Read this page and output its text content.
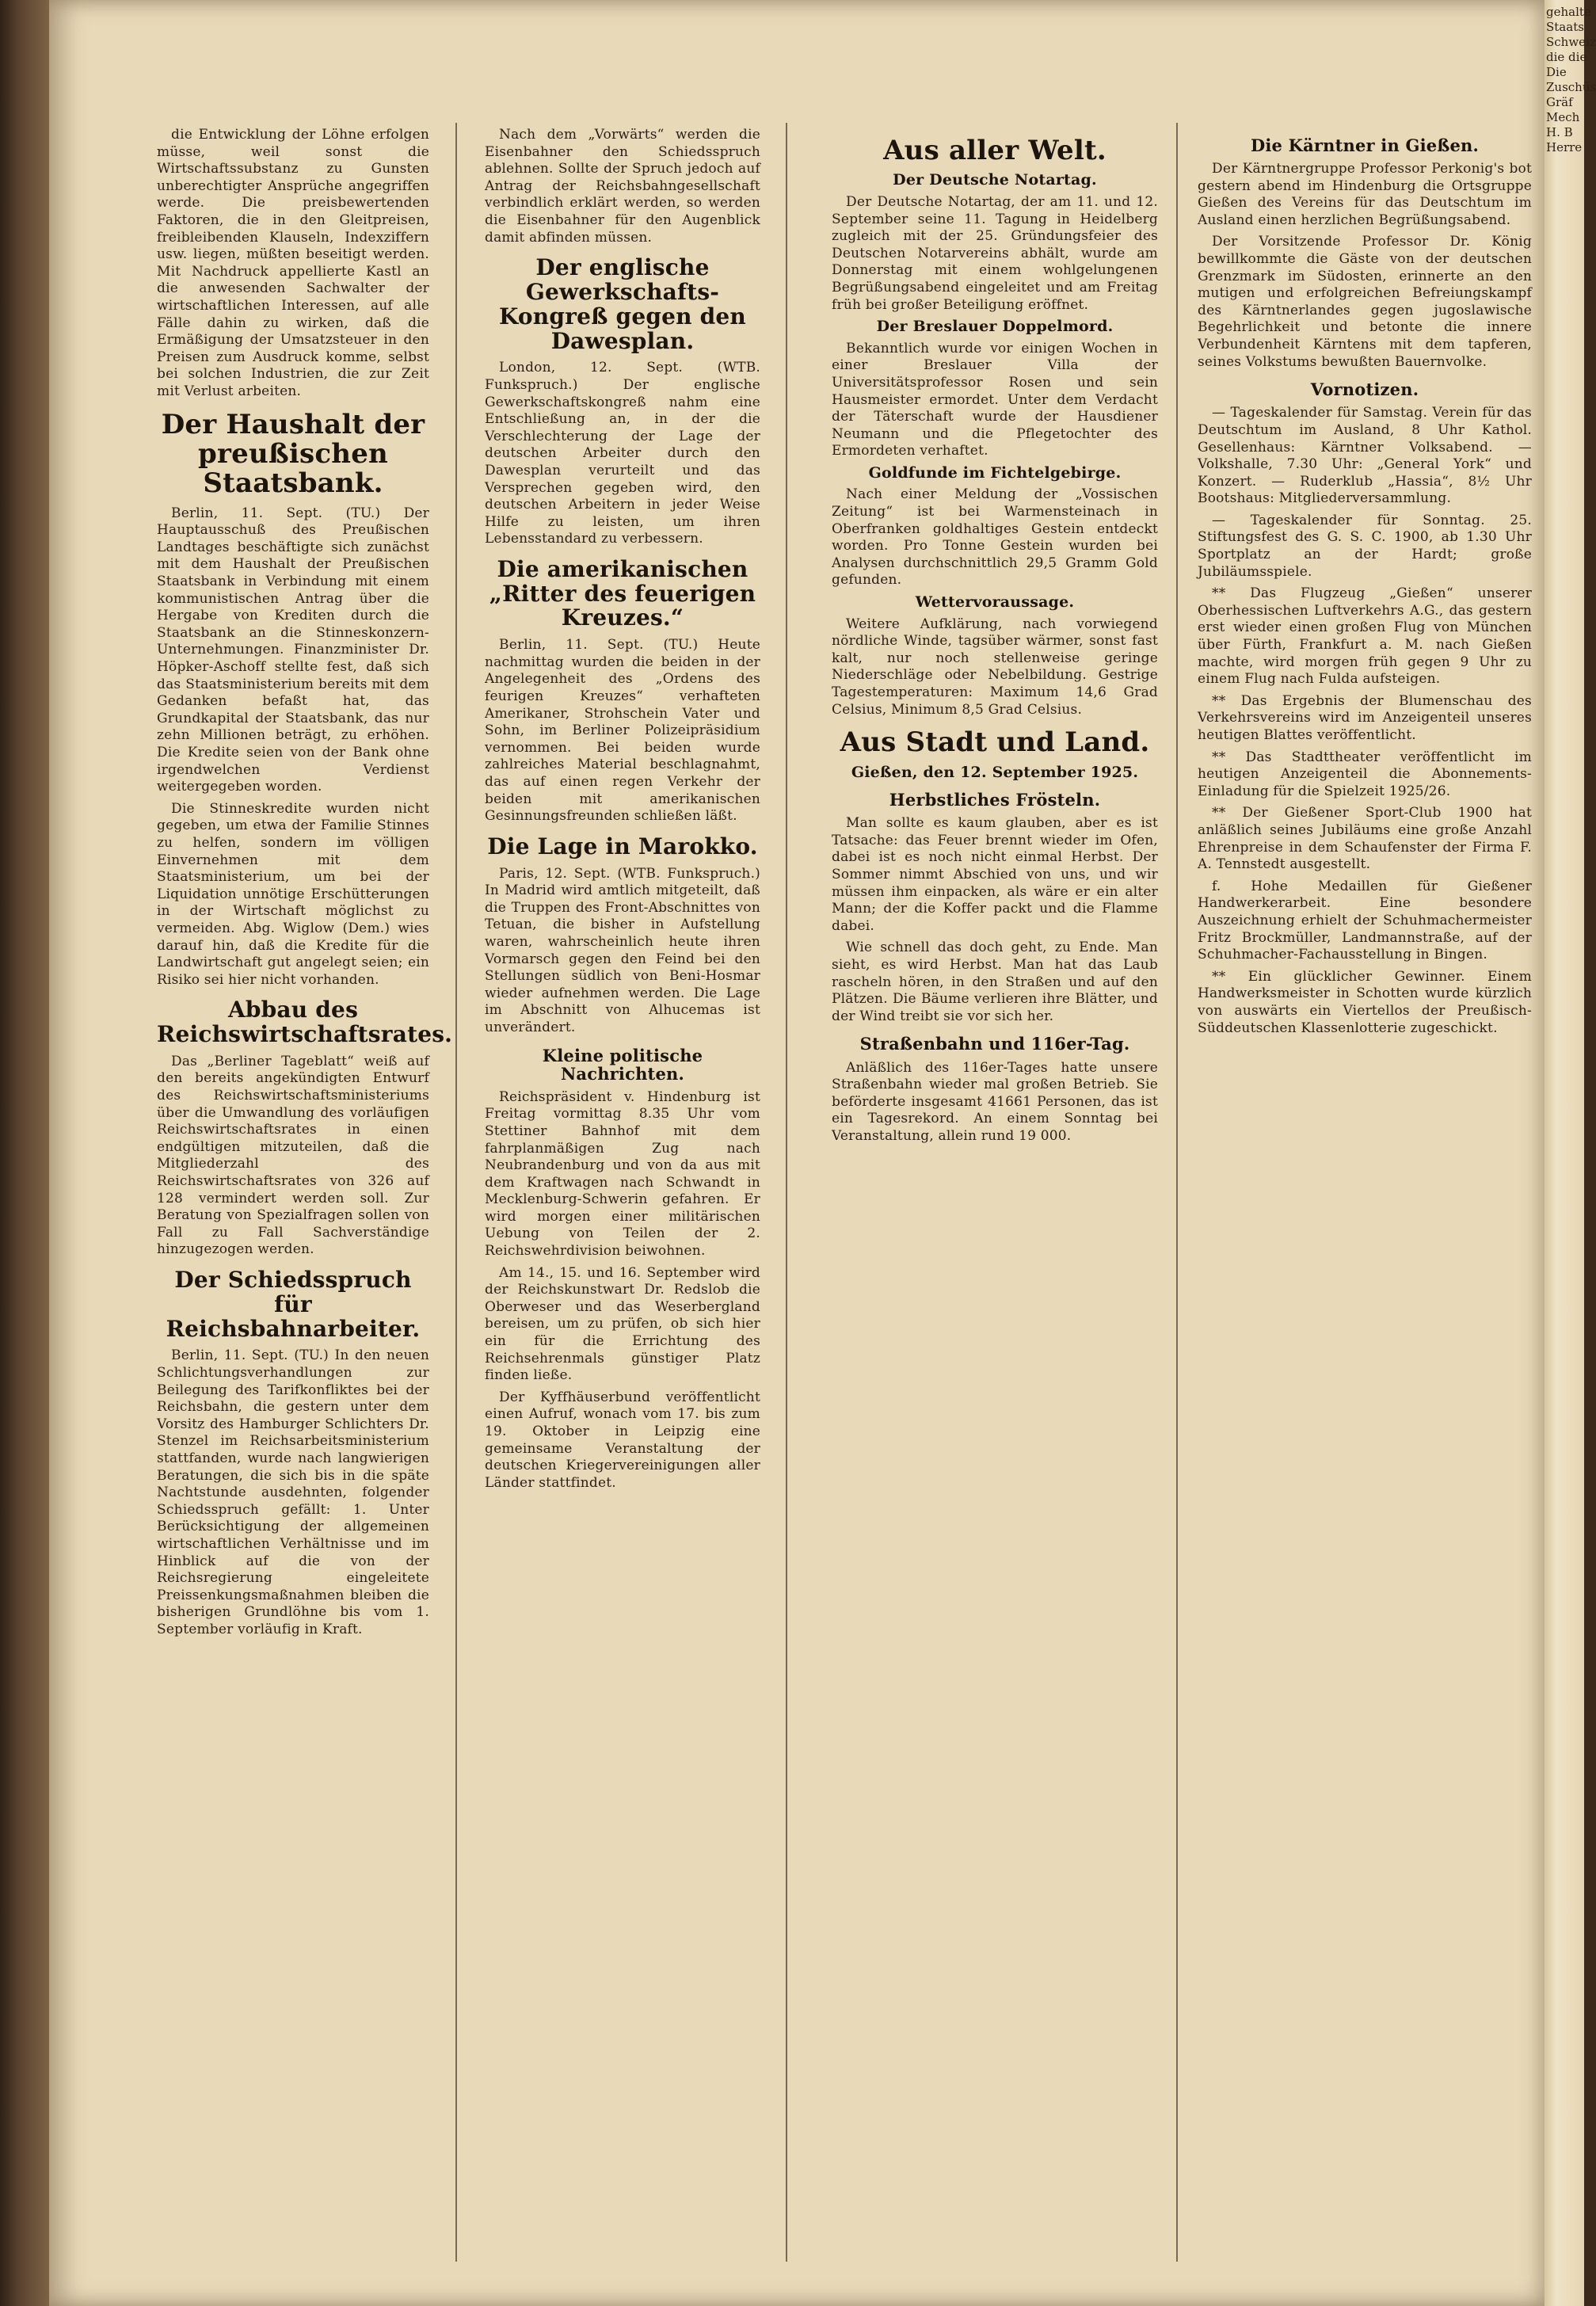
die Entwicklung der Löhne erfolgen müsse, weil sonst die Wirtschaftssubstanz zu Gunsten unberechtigter Ansprüche angegriffen werde. Die preisbewertenden Faktoren, die in den Gleitpreisen, freibleibenden Klauseln, Indexziffern usw. liegen, müßten beseitigt werden. Mit Nachdruck appellierte Kastl an die anwesenden Sachwalter der wirtschaftlichen Interessen, auf alle Fälle dahin zu wirken, daß die Ermäßigung der Umsatzsteuer in den Preisen zum Ausdruck komme, selbst bei solchen Industrien, die zur Zeit mit Verlust arbeiten.

Der Haushalt der preußischen Staatsbank.

Berlin, 11. Sept. (TU.) Der Hauptausschuß des Preußischen Landtages beschäftigte sich zunächst mit dem Haushalt der Preußischen Staatsbank in Verbindung mit einem kommunistischen Antrag über die Hergabe von Krediten durch die Staatsbank an die Stinneskonzern-Unternehmungen. Finanzminister Dr. Höpker-Aschoff stellte fest, daß sich das Staatsministerium bereits mit dem Gedanken befaßt hat, das Grundkapital der Staatsbank, das nur zehn Millionen beträgt, zu erhöhen. Die Kredite seien von der Bank ohne irgendwelchen Verdienst weitergegeben worden.

Die Stinneskredite wurden nicht gegeben, um etwa der Familie Stinnes zu helfen, sondern im völligen Einvernehmen mit dem Staatsministerium, um bei der Liquidation unnötige Erschütterungen in der Wirtschaft möglichst zu vermeiden. Abg. Wiglow (Dem.) wies darauf hin, daß die Kredite für die Landwirtschaft gut angelegt seien; ein Risiko sei hier nicht vorhanden.

Abbau des Reichswirtschaftsrates.

Das „Berliner Tageblatt“ weiß auf den bereits angekündigten Entwurf des Reichswirtschaftsministeriums über die Umwandlung des vorläufigen Reichswirtschaftsrates in einen endgültigen mitzuteilen, daß die Mitgliederzahl des Reichswirtschaftsrates von 326 auf 128 vermindert werden soll. Zur Beratung von Spezialfragen sollen von Fall zu Fall Sachverständige hinzugezogen werden.

Der Schiedsspruch für Reichsbahnarbeiter.

Berlin, 11. Sept. (TU.) In den neuen Schlichtungsverhandlungen zur Beilegung des Tarifkonfliktes bei der Reichsbahn, die gestern unter dem Vorsitz des Hamburger Schlichters Dr. Stenzel im Reichsarbeitsministerium stattfanden, wurde nach langwierigen Beratungen, die sich bis in die späte Nachtstunde ausdehnten, folgender Schiedsspruch gefällt: 1. Unter Berücksichtigung der allgemeinen wirtschaftlichen Verhältnisse und im Hinblick auf die von der Reichsregierung eingeleitete Preissenkungsmaßnahmen bleiben die bisherigen Grundlöhne bis vom 1. September vorläufig in Kraft.

Nach dem „Vorwärts“ werden die Eisenbahner den Schiedsspruch ablehnen. Sollte der Spruch jedoch auf Antrag der Reichsbahngesellschaft verbindlich erklärt werden, so werden die Eisenbahner für den Augenblick damit abfinden müssen.

Der englische Gewerkschafts-Kongreß gegen den Dawesplan.

London, 12. Sept. (WTB. Funkspruch.) Der englische Gewerkschaftskongreß nahm eine Entschließung an, in der die Verschlechterung der Lage der deutschen Arbeiter durch den Dawesplan verurteilt und das Versprechen gegeben wird, den deutschen Arbeitern in jeder Weise Hilfe zu leisten, um ihren Lebensstandard zu verbessern.

Die amerikanischen „Ritter des feuerigen Kreuzes.“

Berlin, 11. Sept. (TU.) Heute nachmittag wurden die beiden in der Angelegenheit des „Ordens des feurigen Kreuzes“ verhafteten Amerikaner, Strohschein Vater und Sohn, im Berliner Polizeipräsidium vernommen. Bei beiden wurde zahlreiches Material beschlagnahmt, das auf einen regen Verkehr der beiden mit amerikanischen Gesinnungsfreunden schließen läßt.

Die Lage in Marokko.

Paris, 12. Sept. (WTB. Funkspruch.) In Madrid wird amtlich mitgeteilt, daß die Truppen des Front-Abschnittes von Tetuan, die bisher in Aufstellung waren, wahrscheinlich heute ihren Vormarsch gegen den Feind bei den Stellungen südlich von Beni-Hosmar wieder aufnehmen werden. Die Lage im Abschnitt von Alhucemas ist unverändert.

Kleine politische Nachrichten.

Reichspräsident v. Hindenburg ist Freitag vormittag 8.35 Uhr vom Stettiner Bahnhof mit dem fahrplanmäßigen Zug nach Neubrandenburg und von da aus mit dem Kraftwagen nach Schwandt in Mecklenburg-Schwerin gefahren. Er wird morgen einer militärischen Uebung von Teilen der 2. Reichswehrdivision beiwohnen.

Am 14., 15. und 16. September wird der Reichskunstwart Dr. Redslob die Oberweser und das Weserbergland bereisen, um zu prüfen, ob sich hier ein für die Errichtung des Reichsehrenmals günstiger Platz finden ließe.

Der Kyffhäuserbund veröffentlicht einen Aufruf, wonach vom 17. bis zum 19. Oktober in Leipzig eine gemeinsame Veranstaltung der deutschen Kriegervereinigungen aller Länder stattfindet.

Aus aller Welt.
Der Deutsche Notartag.

Der Deutsche Notartag, der am 11. und 12. September seine 11. Tagung in Heidelberg zugleich mit der 25. Gründungsfeier des Deutschen Notarvereins abhält, wurde am Donnerstag mit einem wohlgelungenen Begrüßungsabend eingeleitet und am Freitag früh bei großer Beteiligung eröffnet.

Der Breslauer Doppelmord.

Bekanntlich wurde vor einigen Wochen in einer Breslauer Villa der Universitätsprofessor Rosen und sein Hausmeister ermordet. Unter dem Verdacht der Täterschaft wurde der Hausdiener Neumann und die Pflegetochter des Ermordeten verhaftet.

Goldfunde im Fichtelgebirge.

Nach einer Meldung der „Vossischen Zeitung“ ist bei Warmensteinach in Oberfranken goldhaltiges Gestein entdeckt worden. Pro Tonne Gestein wurden bei Analysen durchschnittlich 29,5 Gramm Gold gefunden.

Wettervoraussage.

Weitere Aufklärung, nach vorwiegend nördliche Winde, tagsüber wärmer, sonst fast kalt, nur noch stellenweise geringe Niederschläge oder Nebelbildung. Gestrige Tagestemperaturen: Maximum 14,6 Grad Celsius, Minimum 8,5 Grad Celsius.

Aus Stadt und Land.
Gießen, den 12. September 1925.
Herbstliches Frösteln.

Man sollte es kaum glauben, aber es ist Tatsache: das Feuer brennt wieder im Ofen, dabei ist es noch nicht einmal Herbst. Der Sommer nimmt Abschied von uns, und wir müssen ihm einpacken, als wäre er ein alter Mann; der die Koffer packt und die Flamme dabei.

Wie schnell das doch geht, zu Ende. Man sieht, es wird Herbst. Man hat das Laub rascheln hören, in den Straßen und auf den Plätzen. Die Bäume verlieren ihre Blätter, und der Wind treibt sie vor sich her.

Straßenbahn und 116er-Tag.

Anläßlich des 116er-Tages hatte unsere Straßenbahn wieder mal großen Betrieb. Sie beförderte insgesamt 41661 Personen, das ist ein Tagesrekord. An einem Sonntag bei Veranstaltung, allein rund 19 000.

Die Kärntner in Gießen.

Der Kärntnergruppe Professor Perkonig's bot gestern abend im Hindenburg die Ortsgruppe Gießen des Vereins für das Deutschtum im Ausland einen herzlichen Begrüßungsabend.

Der Vorsitzende Professor Dr. König bewillkommte die Gäste von der deutschen Grenzmark im Südosten, erinnerte an den mutigen und erfolgreichen Befreiungskampf des Kärntnerlandes gegen jugoslawische Begehrlichkeit und betonte die innere Verbundenheit Kärntens mit dem tapferen, seines Volkstums bewußten Bauernvolke.

Vornotizen.

— Tageskalender für Samstag. Verein für das Deutschtum im Ausland, 8 Uhr Kathol. Gesellenhaus: Kärntner Volksabend. — Volkshalle, 7.30 Uhr: „General York“ und Konzert. — Ruderklub „Hassia“, 8½ Uhr Bootshaus: Mitgliederversammlung.

— Tageskalender für Sonntag. 25. Stiftungsfest des G. S. C. 1900, ab 1.30 Uhr Sportplatz an der Hardt; große Jubiläumsspiele.

** Das Flugzeug „Gießen“ unserer Oberhessischen Luftverkehrs A.G., das gestern erst wieder einen großen Flug von München über Fürth, Frankfurt a. M. nach Gießen machte, wird morgen früh gegen 9 Uhr zu einem Flug nach Fulda aufsteigen.

** Das Ergebnis der Blumenschau des Verkehrsvereins wird im Anzeigenteil unseres heutigen Blattes veröffentlicht.

** Das Stadttheater veröffentlicht im heutigen Anzeigenteil die Abonnements-Einladung für die Spielzeit 1925/26.

** Der Gießener Sport-Club 1900 hat anläßlich seines Jubiläums eine große Anzahl Ehrenpreise in dem Schaufenster der Firma F. A. Tennstedt ausgestellt.

f. Hohe Medaillen für Gießener Handwerkerarbeit. Eine besondere Auszeichnung erhielt der Schuhmachermeister Fritz Brockmüller, Landmannstraße, auf der Schuhmacher-Fachausstellung in Bingen.

** Ein glücklicher Gewinner. Einem Handwerksmeister in Schotten wurde kürzlich von auswärts ein Viertellos der Preußisch-Süddeutschen Klassenlotterie zugeschickt.

gehalte
Staats
Schweiz
die die
Die
Zuschüs
Gräf
Mech
H. B
Herre
